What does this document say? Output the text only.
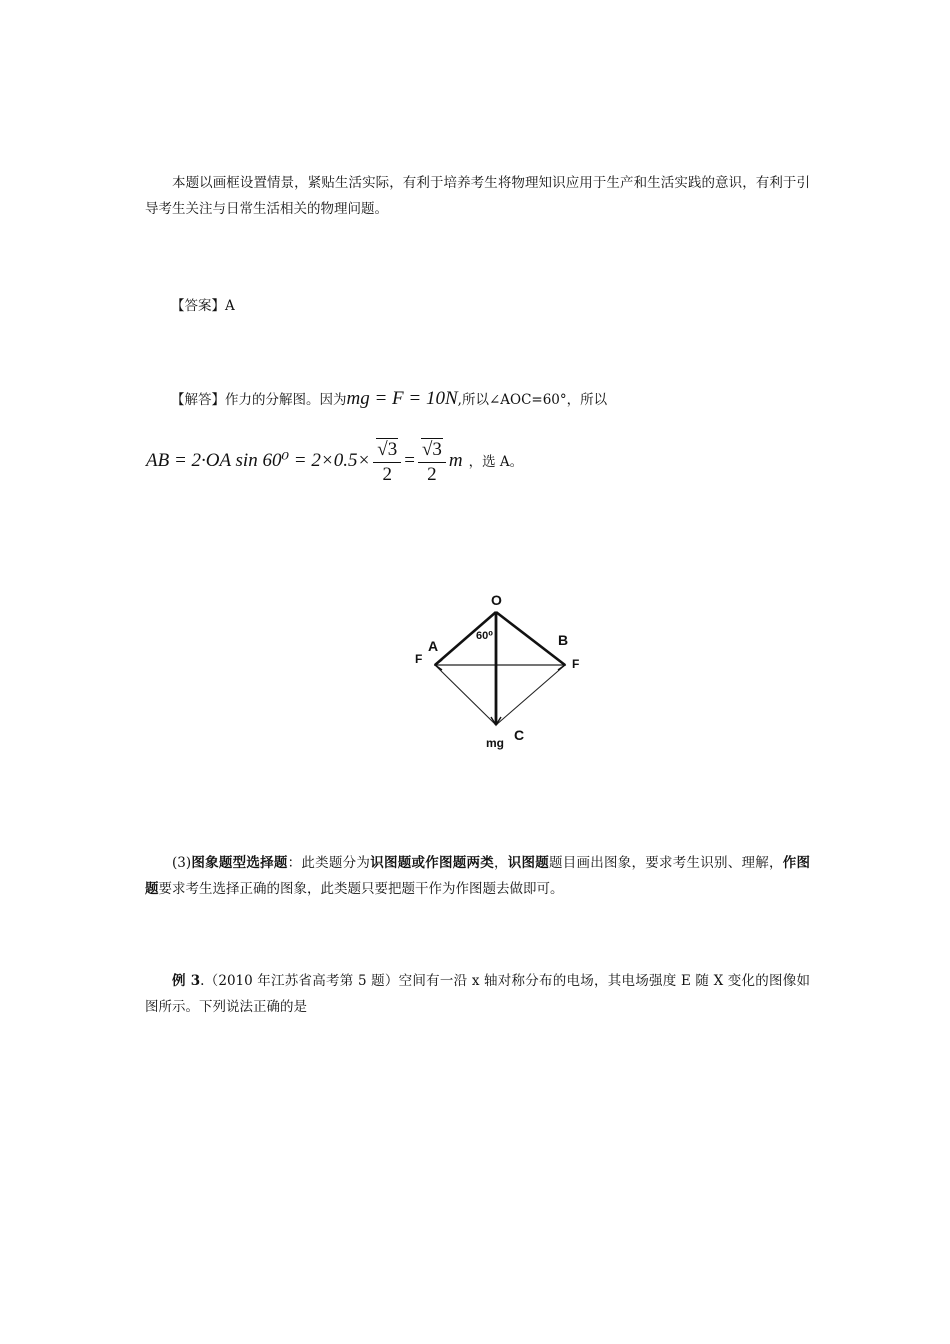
本题以画框设置情景，紧贴生活实际，有利于培养考生将物理知识应用于生产和生活实践的意识，有利于引导考生关注与日常生活相关的物理问题。
【答案】A
【解答】作力的分解图。因为mg = F = 10N,所以∠AOC=60°，所以
AB = 2·OA $\sin 60^0 = 2\times 0.5\times \frac{√3}{2} = \frac{√3}{2}$ m ，选 A。
O
A	B
F	F
60⁰
mg C
(3)图象题型选择题：此类题分为识图题或作图题两类，识图题题目画出图象，要求考生识别、理解，作图题要求考生选择正确的图象，此类题只要把题干作为作图题去做即可。
例 3.（2010 年江苏省高考第 5 题）空间有一沿 x 轴对称分布的电场，其电场强度 E 随 X 变化的图像如图所示。下列说法正确的是
